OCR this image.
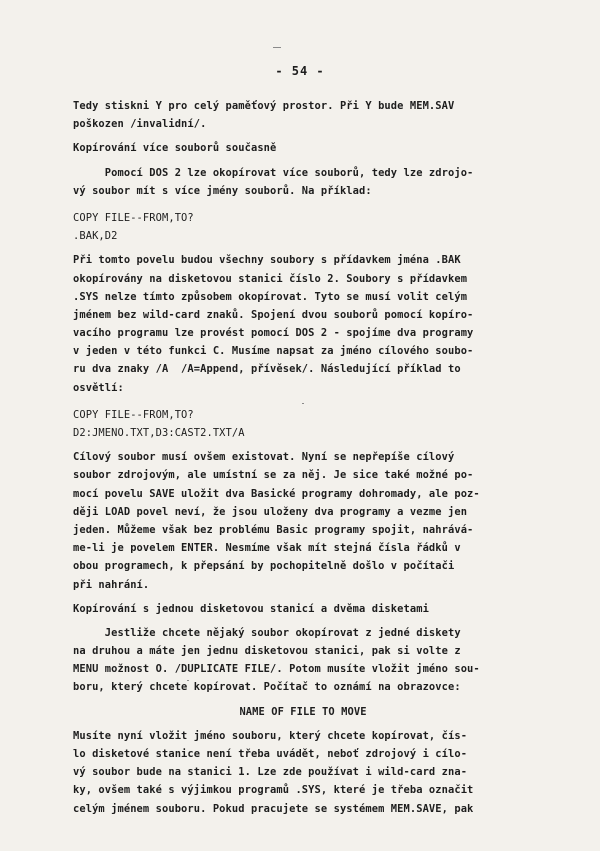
- 54 -
Tedy stiskni Y pro celý paměťový prostor. Při Y bude MEM.SAV
poškozen /invalidní/.
Kopírování více souborů současně
Pomocí DOS 2 lze okopírovat více souborů, tedy lze zdrojo-
vý soubor mít s více jmény souborů. Na příklad:
COPY FILE--FROM,TO?
.BAK,D2
Při tomto povelu budou všechny soubory s přídavkem jména .BAK
okopírovány na disketovou stanici číslo 2. Soubory s přídavkem
.SYS nelze tímto způsobem okopírovat. Tyto se musí volit celým
jménem bez wild-card znaků. Spojení dvou souborů pomocí kopíro-
vacího programu lze provést pomocí DOS 2 - spojíme dva programy
v jeden v této funkci C. Musíme napsat za jméno cílového soubo-
ru dva znaky /A  /A=Append, přívěsek/. Následující příklad to
osvětlí:
COPY FILE--FROM,TO?
D2:JMENO.TXT,D3:CAST2.TXT/A
Cílový soubor musí ovšem existovat. Nyní se nepřepíše cílový
soubor zdrojovým, ale umístní se za něj. Je sice také možné po-
mocí povelu SAVE uložit dva Basické programy dohromady, ale poz-
ději LOAD povel neví, že jsou uloženy dva programy a vezme jen
jeden. Můžeme však bez problému Basic programy spojit, nahrává-
me-li je povelem ENTER. Nesmíme však mít stejná čísla řádků v
obou programech, k přepsání by pochopitelně došlo v počítači
při nahrání.
Kopírování s jednou disketovou stanicí a dvěma disketami
Jestliže chcete nějaký soubor okopírovat z jedné diskety
na druhou a máte jen jednu disketovou stanici, pak si volte z
MENU možnost O. /DUPLICATE FILE/. Potom musíte vložit jméno sou-
boru, který chcete kopírovat. Počítač to oznámí na obrazovce:
NAME OF FILE TO MOVE
Musíte nyní vložit jméno souboru, který chcete kopírovat, čís-
lo disketové stanice není třeba uvádět, neboť zdrojový i cílo-
vý soubor bude na stanici 1. Lze zde používat i wild-card zna-
ky, ovšem také s výjimkou programů .SYS, které je třeba označit
celým jménem souboru. Pokud pracujete se systémem MEM.SAVE, pak
